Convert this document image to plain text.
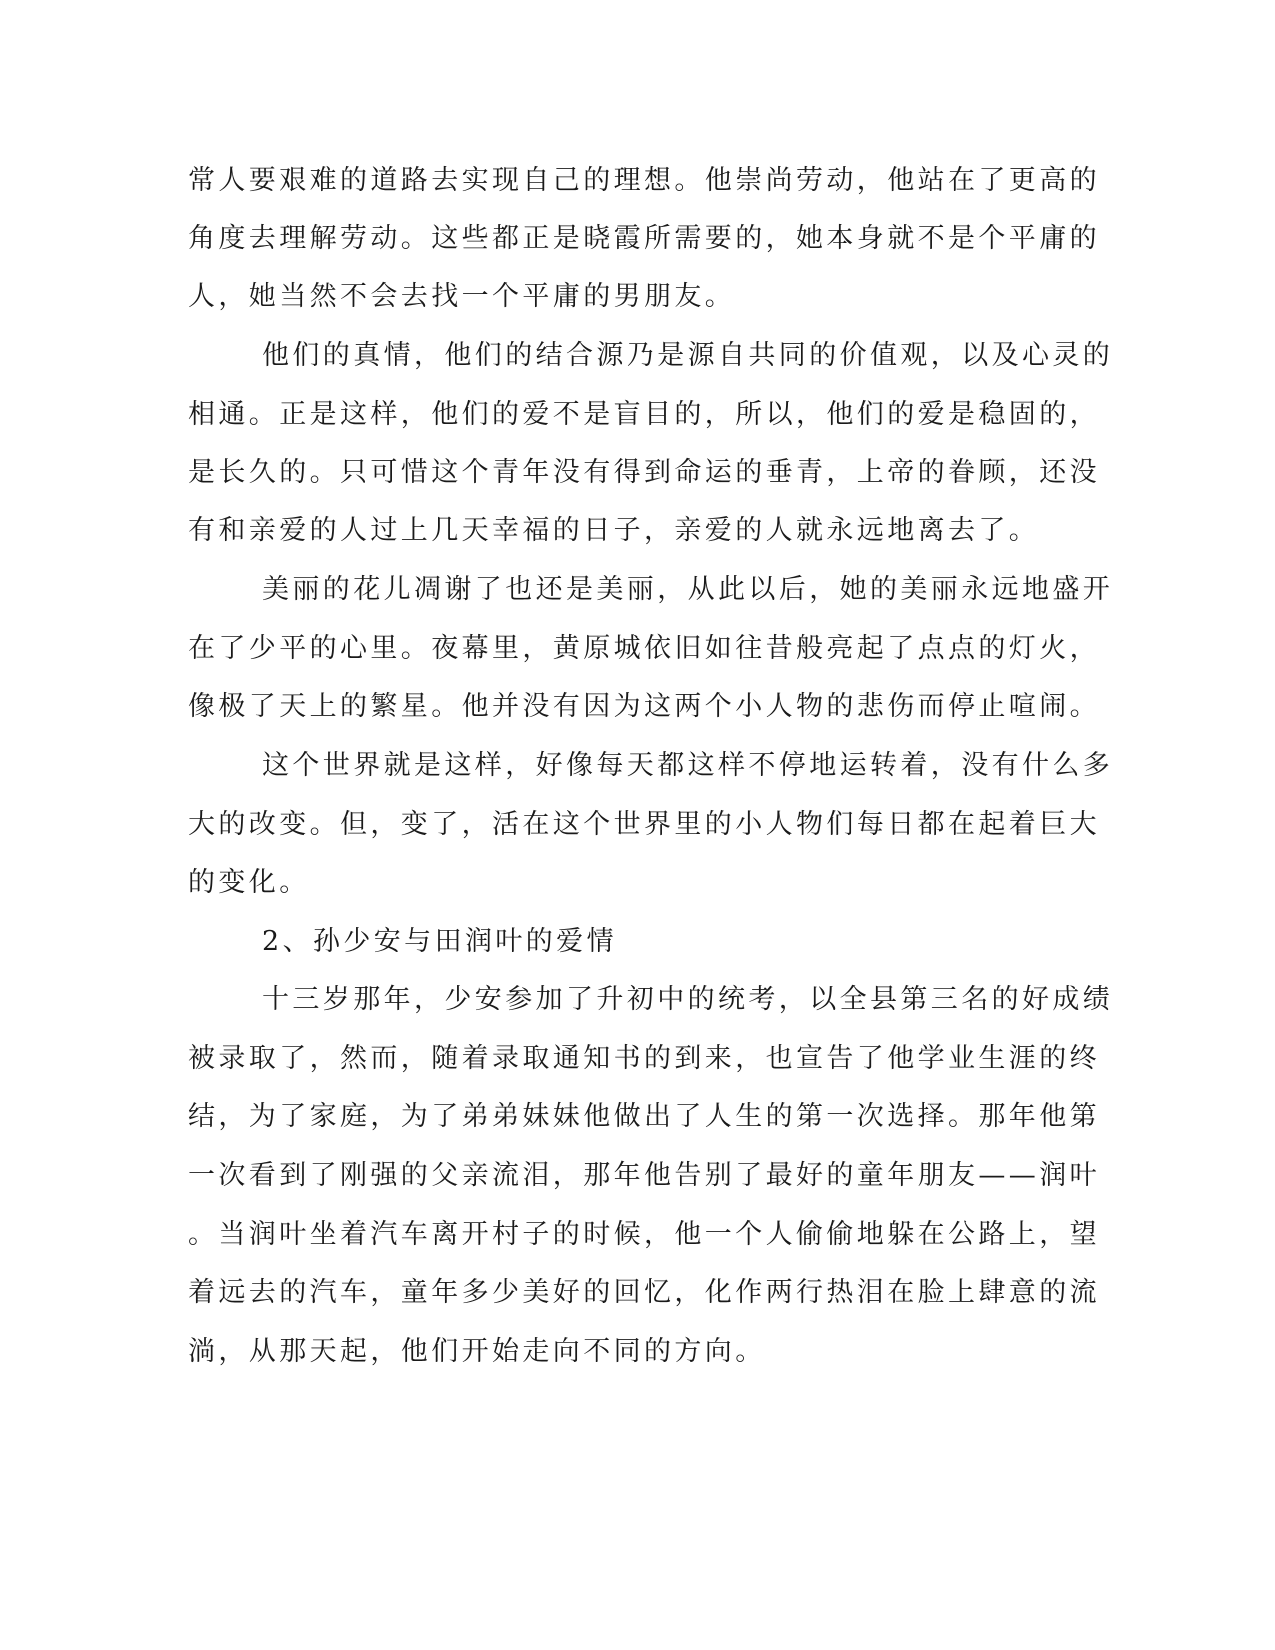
常人要艰难的道路去实现自己的理想。他崇尚劳动，他站在了更高的
角度去理解劳动。这些都正是晓霞所需要的，她本身就不是个平庸的
人，她当然不会去找一个平庸的男朋友。
他们的真情，他们的结合源乃是源自共同的价值观，以及心灵的
相通。正是这样，他们的爱不是盲目的，所以，他们的爱是稳固的，
是长久的。只可惜这个青年没有得到命运的垂青，上帝的眷顾，还没
有和亲爱的人过上几天幸福的日子，亲爱的人就永远地离去了。
美丽的花儿凋谢了也还是美丽，从此以后，她的美丽永远地盛开
在了少平的心里。夜幕里，黄原城依旧如往昔般亮起了点点的灯火，
像极了天上的繁星。他并没有因为这两个小人物的悲伤而停止喧闹。
这个世界就是这样，好像每天都这样不停地运转着，没有什么多
大的改变。但，变了，活在这个世界里的小人物们每日都在起着巨大
的变化。
2、孙少安与田润叶的爱情
十三岁那年，少安参加了升初中的统考，以全县第三名的好成绩
被录取了，然而，随着录取通知书的到来，也宣告了他学业生涯的终
结，为了家庭，为了弟弟妹妹他做出了人生的第一次选择。那年他第
一次看到了刚强的父亲流泪，那年他告别了最好的童年朋友——润叶
。当润叶坐着汽车离开村子的时候，他一个人偷偷地躲在公路上，望
着远去的汽车，童年多少美好的回忆，化作两行热泪在脸上肆意的流
淌，从那天起，他们开始走向不同的方向。
